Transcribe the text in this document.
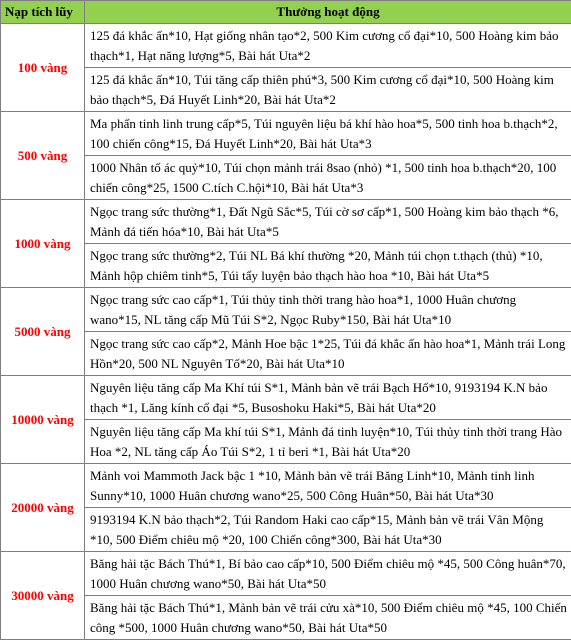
Nạp tích lũy	Thưởng hoạt động
100 vàng	125 đá khắc ấn*10, Hạt giống nhân tạo*2, 500 Kim cương cổ đại*10, 500 Hoàng kim bảo thạch*1, Hạt năng lượng*5, Bài hát Uta*2
	125 đá khắc ấn*10, Túi tăng cấp thiên phú*3, 500 Kim cương cổ đại*10, 500 Hoàng kim bảo thạch*5, Đá Huyết Linh*20, Bài hát Uta*2
500 vàng	Ma phấn tinh linh trung cấp*5, Túi nguyên liệu bá khí hào hoa*5, 500 tinh hoa b.thạch*2, 100 chiến công*15, Đá Huyết Linh*20, Bài hát Uta*3
	1000 Nhân tố ác quỷ*10, Túi chọn mảnh trái 8sao (nhỏ) *1, 500 tinh hoa b.thạch*20, 100 chiến công*25, 1500 C.tích C.hội*10, Bài hát Uta*3
1000 vàng	Ngọc trang sức thường*1, Đất Ngũ Sắc*5, Túi cờ sơ cấp*1, 500 Hoàng kim bảo thạch *6, Mảnh đá tiến hóa*10, Bài hát Uta*5
	Ngọc trang sức thường*2, Túi NL Bá khí thường *20, Mảnh túi chọn t.thạch (thủ) *10, Mảnh hộp chiêm tinh*5, Túi tẩy luyện bảo thạch hào hoa *10, Bài hát Uta*5
5000 vàng	Ngọc trang sức cao cấp*1, Túi thủy tinh thời trang hào hoa*1, 1000 Huân chương wano*15, NL tăng cấp Mũ Túi S*2, Ngọc Ruby*150, Bài hát Uta*10
	Ngọc trang sức cao cấp*2, Mảnh Hoe bậc 1*25, Túi đá khắc ấn hào hoa*1, Mảnh trái Long Hồn*20, 500 NL Nguyên Tố*20, Bài hát Uta*10
10000 vàng	Nguyên liệu tăng cấp Ma Khí túi S*1, Mảnh bản vẽ trái Bạch Hổ*10, 9193194 K.N bảo thạch *1, Lăng kính cổ đại *5, Busoshoku Haki*5, Bài hát Uta*20
	Nguyên liệu tăng cấp Ma khí túi S*1, Mảnh đá tinh luyện*10, Túi thủy tinh thời trang Hào Hoa *2, NL tăng cấp Áo Túi S*2, 1 tỉ beri *1, Bài hát Uta*20
20000 vàng	Mảnh voi Mammoth Jack bậc 1 *10, Mảnh bản vẽ trái Băng Linh*10, Mảnh tinh linh Sunny*10, 1000 Huân chương wano*25, 500 Công Huân*50, Bài hát Uta*30
	9193194 K.N bảo thạch*2, Túi Random Haki cao cấp*15, Mảnh bản vẽ trái Vân Mộng *10, 500 Điểm chiêu mộ *20, 100 Chiến công*300, Bài hát Uta*30
30000 vàng	Băng hải tặc Bách Thú*1, Bí bảo cao cấp*10, 500 Điểm chiêu mộ *45, 500 Công huân*70, 1000 Huân chương wano*50, Bài hát Uta*50
	Băng hải tặc Bách Thú*1, Mảnh bản vẽ trái cửu xà*10, 500 Điểm chiêu mộ *45, 100 Chiến công *500, 1000 Huân chương wano*50, Bài hát Uta*50
